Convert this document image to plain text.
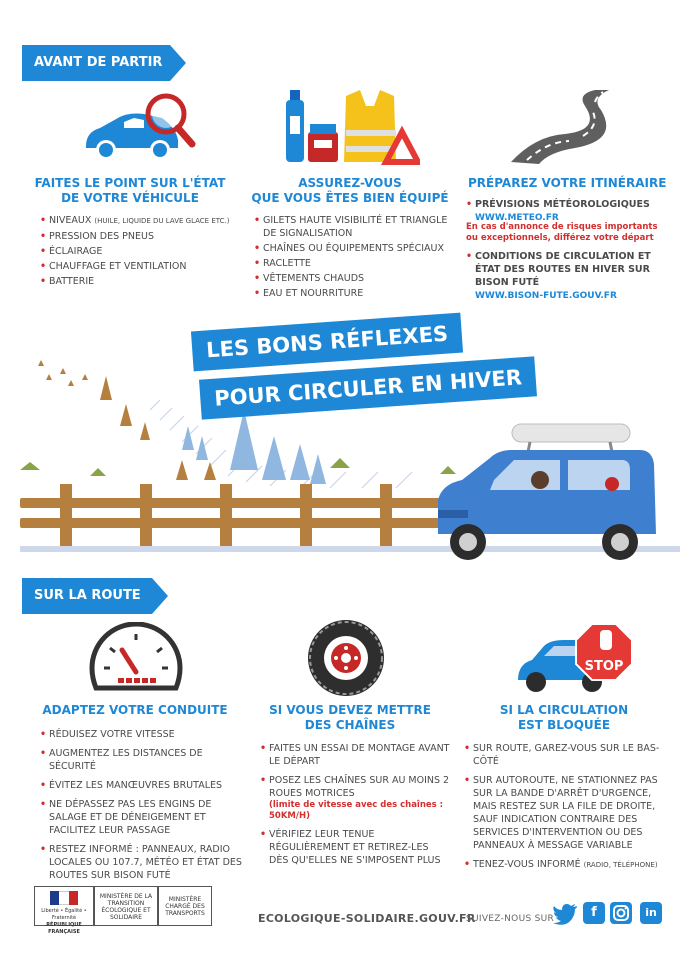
AVANT DE PARTIR
FAITES LE POINT SUR L'ÉTAT
DE VOTRE VÉHICULE
• NIVEAUX (HUILE, LIQUIDE DU LAVE GLACE ETC.)
• PRESSION DES PNEUS
• ÉCLAIRAGE
• CHAUFFAGE ET VENTILATION
• BATTERIE
ASSUREZ-VOUS
QUE VOUS ÊTES BIEN ÉQUIPÉ
• GILETS HAUTE VISIBILITÉ ET TRIANGLE DE SIGNALISATION
• CHAÎNES OU ÉQUIPEMENTS SPÉCIAUX
• RACLETTE
• VÊTEMENTS CHAUDS
• EAU ET NOURRITURE
PRÉPAREZ VOTRE ITINÉRAIRE
• PRÉVISIONS MÉTÉOROLOGIQUES
WWW.METEO.FR
En cas d'annonce de risques importants ou exceptionnels, différez votre départ
• CONDITIONS DE CIRCULATION ET ÉTAT DES ROUTES EN HIVER SUR BISON FUTÉ
WWW.BISON-FUTE.GOUV.FR
LES BONS RÉFLEXES
POUR CIRCULER EN HIVER
SUR LA ROUTE
STOP
ADAPTEZ VOTRE CONDUITE
• RÉDUISEZ VOTRE VITESSE
• AUGMENTEZ LES DISTANCES DE SÉCURITÉ
• ÉVITEZ LES MANŒUVRES BRUTALES
• NE DÉPASSEZ PAS LES ENGINS DE SALAGE ET DE DÉNEIGEMENT ET FACILITEZ LEUR PASSAGE
• RESTEZ INFORMÉ : PANNEAUX, RADIO LOCALES OU 107.7, MÉTÉO ET ÉTAT DES ROUTES SUR BISON FUTÉ
SI VOUS DEVEZ METTRE
DES CHAÎNES
• FAITES UN ESSAI DE MONTAGE AVANT LE DÉPART
• POSEZ LES CHAÎNES SUR AU MOINS 2 ROUES MOTRICES
(limite de vitesse avec des chaînes : 50KM/H)
• VÉRIFIEZ LEUR TENUE RÉGULIÈREMENT ET RETIREZ-LES DÈS QU'ELLES NE S'IMPOSENT PLUS
SI LA CIRCULATION
EST BLOQUÉE
• SUR ROUTE, GAREZ-VOUS SUR LE BAS-CÔTÉ
• SUR AUTOROUTE, NE STATIONNEZ PAS SUR LA BANDE D'ARRÊT D'URGENCE, MAIS RESTEZ SUR LA FILE DE DROITE, SAUF INDICATION CONTRAIRE DES SERVICES D'INTERVENTION OU DES PANNEAUX À MESSAGE VARIABLE
• TENEZ-VOUS INFORMÉ (RADIO, TÉLÉPHONE)
Liberté • Égalité • Fraternité
RÉPUBLIQUE FRANÇAISE
MINISTÈRE DE LA TRANSITION ÉCOLOGIQUE ET SOLIDAIRE
MINISTÈRE CHARGÉ DES TRANSPORTS	ECOLOGIQUE-SOLIDAIRE.GOUV.FR
SUIVEZ-NOUS SUR	f	in
